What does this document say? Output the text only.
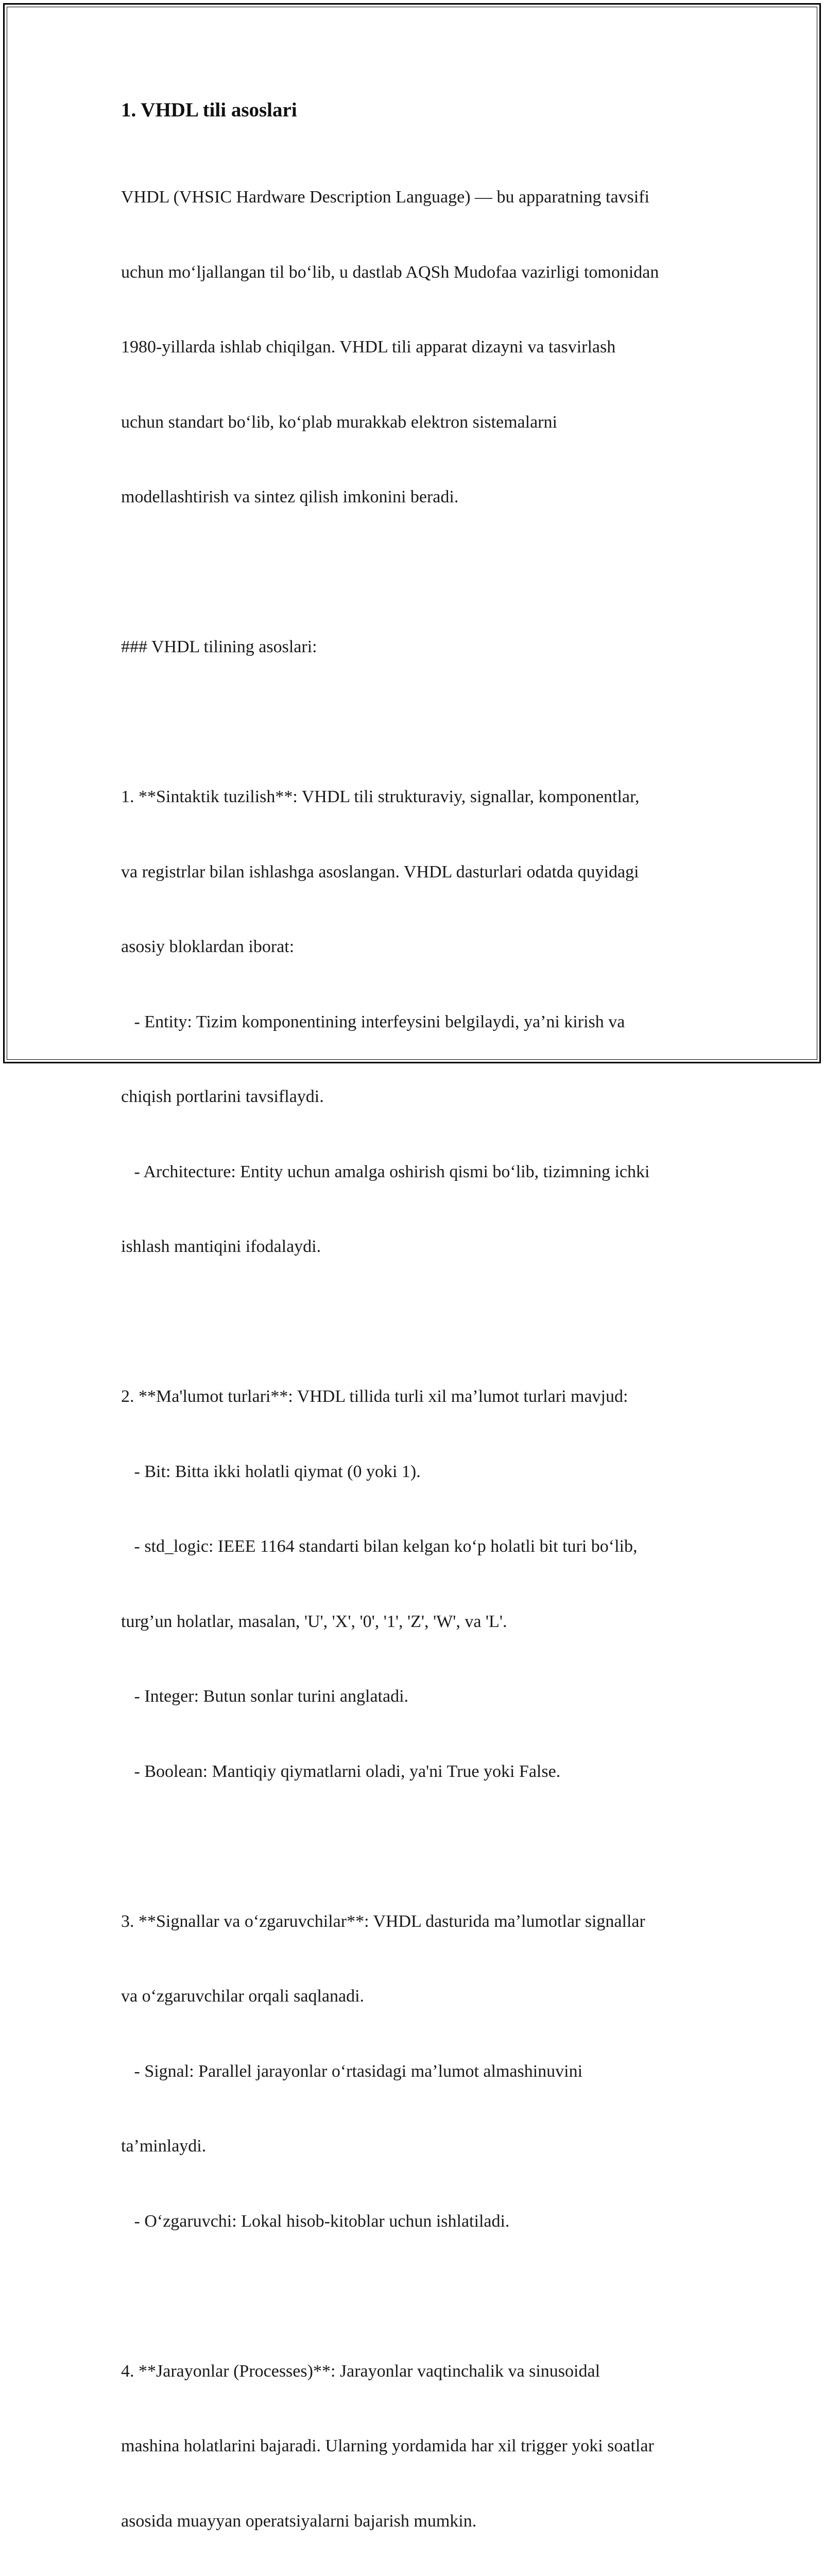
1. VHDL tili asoslari

VHDL (VHSIC Hardware Description Language) — bu apparatning tavsifi

uchun mo‘ljallangan til bo‘lib, u dastlab AQSh Mudofaa vazirligi tomonidan

1980-yillarda ishlab chiqilgan. VHDL tili apparat dizayni va tasvirlash

uchun standart bo‘lib, ko‘plab murakkab elektron sistemalarni

modellashtirish va sintez qilish imkonini beradi.

### VHDL tilining asoslari:

1. **Sintaktik tuzilish**: VHDL tili strukturaviy, signallar, komponentlar,

va registrlar bilan ishlashga asoslangan. VHDL dasturlari odatda quyidagi

asosiy bloklardan iborat:

- Entity: Tizim komponentining interfeysini belgilaydi, ya’ni kirish va

chiqish portlarini tavsiflaydi.

- Architecture: Entity uchun amalga oshirish qismi bo‘lib, tizimning ichki

ishlash mantiqini ifodalaydi.

2. **Ma'lumot turlari**: VHDL tillida turli xil ma’lumot turlari mavjud:

- Bit: Bitta ikki holatli qiymat (0 yoki 1).

- std_logic: IEEE 1164 standarti bilan kelgan ko‘p holatli bit turi bo‘lib,

turg’un holatlar, masalan, 'U', 'X', '0', '1', 'Z', 'W', va 'L'.

- Integer: Butun sonlar turini anglatadi.

- Boolean: Mantiqiy qiymatlarni oladi, ya'ni True yoki False.

3. **Signallar va o‘zgaruvchilar**: VHDL dasturida ma’lumotlar signallar

va o‘zgaruvchilar orqali saqlanadi.

- Signal: Parallel jarayonlar o‘rtasidagi ma’lumot almashinuvini

ta’minlaydi.

- O‘zgaruvchi: Lokal hisob-kitoblar uchun ishlatiladi.

4. **Jarayonlar (Processes)**: Jarayonlar vaqtinchalik va sinusoidal

mashina holatlarini bajaradi. Ularning yordamida har xil trigger yoki soatlar

asosida muayyan operatsiyalarni bajarish mumkin.
